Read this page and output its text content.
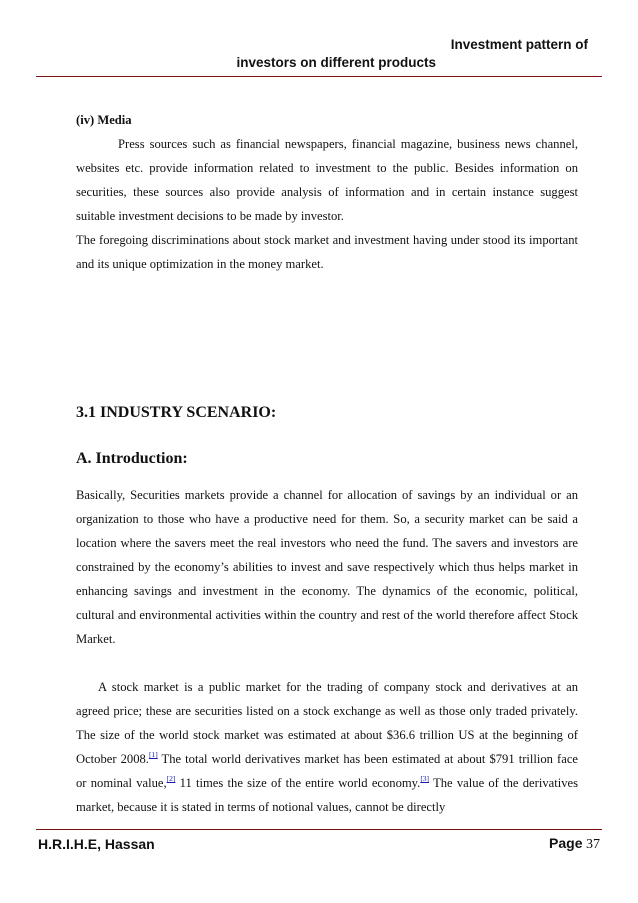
Investment pattern of
investors on different products

(iv) Media

Press sources such as financial newspapers, financial magazine, business news channel, websites etc. provide information related to investment to the public. Besides information on securities, these sources also provide analysis of information and in certain instance suggest suitable investment decisions to be made by investor.

The foregoing discriminations about stock market and investment having under stood its important and its unique optimization in the money market.

3.1 INDUSTRY SCENARIO:
A. Introduction:

Basically, Securities markets provide a channel for allocation of savings by an individual or an organization to those who have a productive need for them. So, a security market can be said a location where the savers meet the real investors who need the fund. The savers and investors are constrained by the economy’s abilities to invest and save respectively which thus helps market in enhancing savings and investment in the economy. The dynamics of the economic, political, cultural and environmental activities within the country and rest of the world therefore affect Stock Market.

A stock market is a public market for the trading of company stock and derivatives at an agreed price; these are securities listed on a stock exchange as well as those only traded privately. The size of the world stock market was estimated at about $36.6 trillion US at the beginning of October 2008.[1] The total world derivatives market has been estimated at about $791 trillion face or nominal value,[2] 11 times the size of the entire world economy.[3] The value of the derivatives market, because it is stated in terms of notional values, cannot be directly

H.R.I.H.E, Hassan	Page 37
